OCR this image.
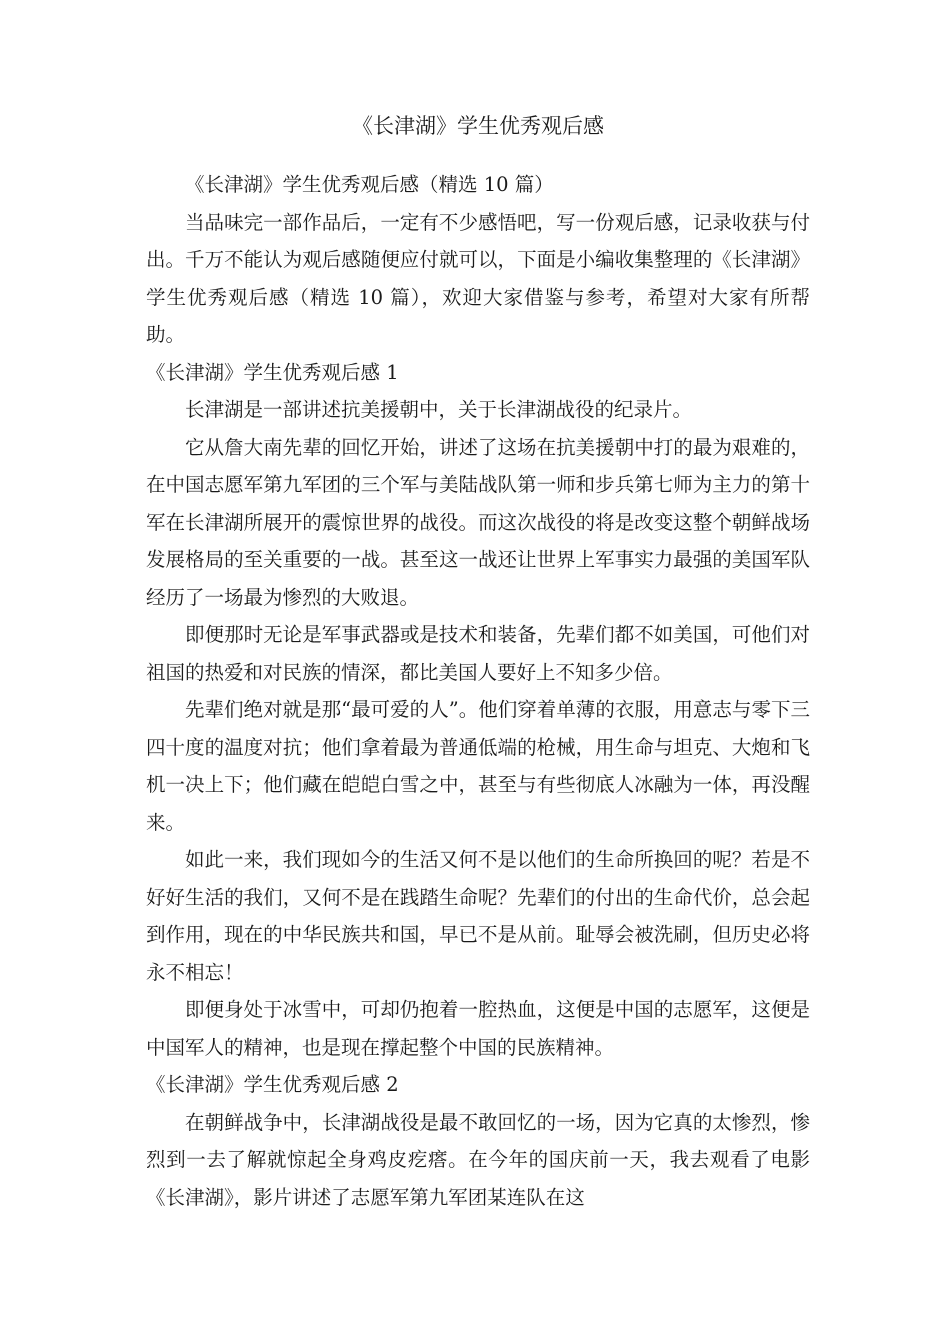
《长津湖》学生优秀观后感

《长津湖》学生优秀观后感（精选 10 篇）

当品味完一部作品后，一定有不少感悟吧，写一份观后感，记录收获与付出。千万不能认为观后感随便应付就可以，下面是小编收集整理的《长津湖》学生优秀观后感（精选 10 篇），欢迎大家借鉴与参考，希望对大家有所帮助。

《长津湖》学生优秀观后感 1

长津湖是一部讲述抗美援朝中，关于长津湖战役的纪录片。

它从詹大南先辈的回忆开始，讲述了这场在抗美援朝中打的最为艰难的，在中国志愿军第九军团的三个军与美陆战队第一师和步兵第七师为主力的第十军在长津湖所展开的震惊世界的战役。而这次战役的将是改变这整个朝鲜战场发展格局的至关重要的一战。甚至这一战还让世界上军事实力最强的美国军队经历了一场最为惨烈的大败退。

即便那时无论是军事武器或是技术和装备，先辈们都不如美国，可他们对祖国的热爱和对民族的情深，都比美国人要好上不知多少倍。

先辈们绝对就是那“最可爱的人”。他们穿着单薄的衣服，用意志与零下三四十度的温度对抗；他们拿着最为普通低端的枪械，用生命与坦克、大炮和飞机一决上下；他们藏在皑皑白雪之中，甚至与有些彻底人冰融为一体，再没醒来。

如此一来，我们现如今的生活又何不是以他们的生命所换回的呢？若是不好好生活的我们，又何不是在践踏生命呢？先辈们的付出的生命代价，总会起到作用，现在的中华民族共和国，早已不是从前。耻辱会被洗刷，但历史必将永不相忘！

即便身处于冰雪中，可却仍抱着一腔热血，这便是中国的志愿军，这便是中国军人的精神，也是现在撑起整个中国的民族精神。

《长津湖》学生优秀观后感 2

在朝鲜战争中，长津湖战役是最不敢回忆的一场，因为它真的太惨烈，惨烈到一去了解就惊起全身鸡皮疙瘩。在今年的国庆前一天，我去观看了电影《长津湖》，影片讲述了志愿军第九军团某连队在这
